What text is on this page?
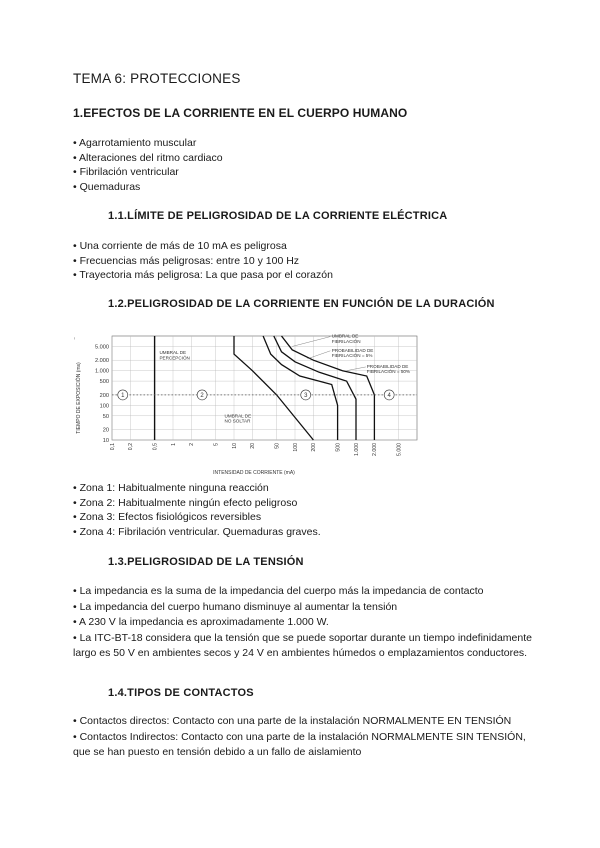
TEMA 6: PROTECCIONES
1.EFECTOS DE LA CORRIENTE EN EL CUERPO HUMANO
• Agarrotamiento muscular
• Alteraciones del ritmo cardiaco
• Fibrilación ventricular
• Quemaduras
1.1.LÍMITE DE PELIGROSIDAD DE LA CORRIENTE ELÉCTRICA
• Una corriente de más de 10 mA es peligrosa
• Frecuencias más peligrosas: entre 10 y 100 Hz
• Trayectoria más peligrosa: La que pasa por el corazón
1.2.PELIGROSIDAD DE LA CORRIENTE EN FUNCIÓN DE LA DURACIÓN
1	2	3	4
0,1 0,2	0,5 1 2	5 10 20	50 100 200	500 1.000 2.000	5.000
10
20
50
100
200
500
1.000
2.000
5.000
UMBRAL DE PERCEPCIÓN
UMBRAL DE NO SOLTAR
UMBRAL DE FIBRILACIÓN
PROBABILIDAD DE FIBRILACIÓN = 5%
PROBABILIDAD DE FIBRILACIÓN = 50%
ᵢ
INTENSIDAD DE CORRIENTE (mA)
TIEMPO DE EXPOSICIÓN (ms)
• Zona 1: Habitualmente ninguna reacción
• Zona 2: Habitualmente ningún efecto peligroso
• Zona 3: Efectos fisiológicos reversibles
• Zona 4: Fibrilación ventricular. Quemaduras graves.
1.3.PELIGROSIDAD DE LA TENSIÓN
• La impedancia es la suma de la impedancia del cuerpo más la impedancia de contacto
• La impedancia del cuerpo humano disminuye al aumentar la tensión
• A 230 V la impedancia es aproximadamente 1.000 W.
• La ITC-BT-18 considera que la tensión que se puede soportar durante un tiempo indefinidamente largo es 50 V en ambientes secos y 24 V en ambientes húmedos o emplazamientos conductores.
1.4.TIPOS DE CONTACTOS
• Contactos directos: Contacto con una parte de la instalación NORMALMENTE EN TENSIÓN
• Contactos Indirectos: Contacto con una parte de la instalación NORMALMENTE SIN TENSIÓN, que se han puesto en tensión debido a un fallo de aislamiento
